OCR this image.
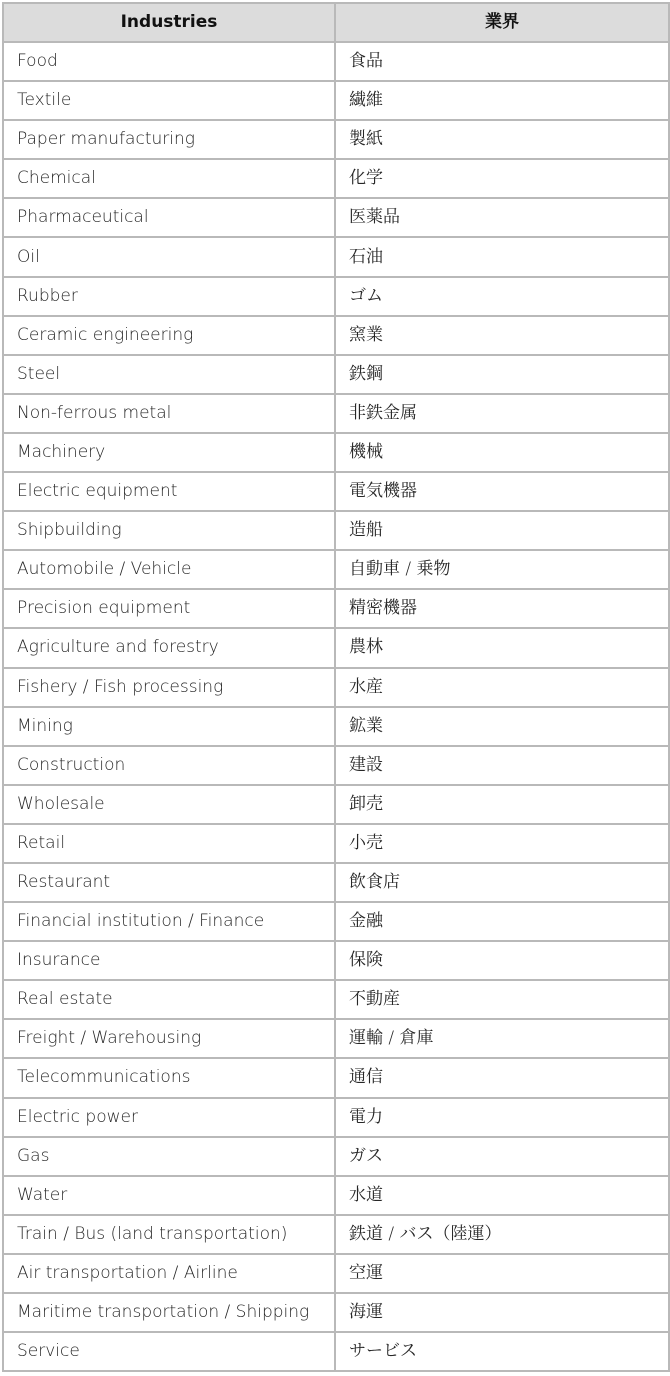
Industries	業界
Food	食品
Textile	繊維
Paper manufacturing	製紙
Chemical	化学
Pharmaceutical	医薬品
Oil	石油
Rubber	ゴム
Ceramic engineering	窯業
Steel	鉄鋼
Non-ferrous metal	非鉄金属
Machinery	機械
Electric equipment	電気機器
Shipbuilding	造船
Automobile / Vehicle	自動車 / 乗物
Precision equipment	精密機器
Agriculture and forestry	農林
Fishery / Fish processing	水産
Mining	鉱業
Construction	建設
Wholesale	卸売
Retail	小売
Restaurant	飲食店
Financial institution / Finance	金融
Insurance	保険
Real estate	不動産
Freight / Warehousing	運輸 / 倉庫
Telecommunications	通信
Electric power	電力
Gas	ガス
Water	水道
Train / Bus (land transportation)	鉄道 / バス（陸運）
Air transportation / Airline	空運
Maritime transportation / Shipping	海運
Service	サービス
